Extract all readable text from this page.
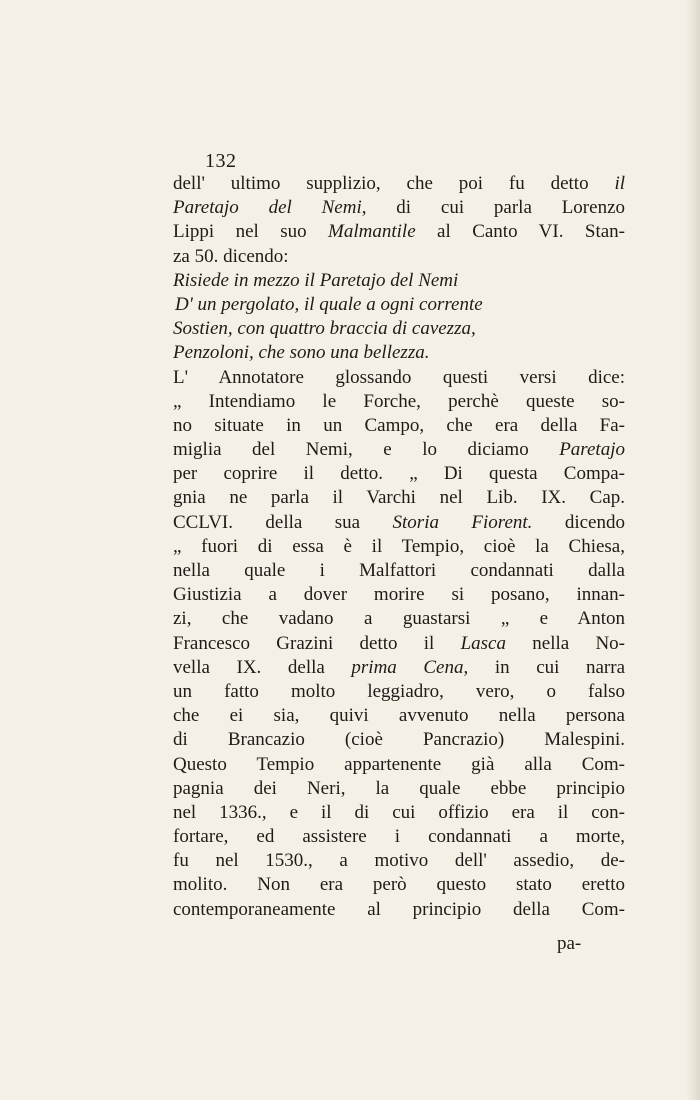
132
dell' ultimo supplizio, che poi fu detto il
Paretajo del Nemi, di cui parla Lorenzo
Lippi nel suo Malmantile al Canto VI. Stan-
za 50. dicendo:
Risiede in mezzo il Paretajo del Nemi
D' un pergolato, il quale a ogni corrente
Sostien, con quattro braccia di cavezza,
Penzoloni, che sono una bellezza.
L' Annotatore glossando questi versi dice:
„ Intendiamo le Forche, perchè queste so-
no situate in un Campo, che era della Fa-
miglia del Nemi, e lo diciamo Paretajo
per coprire il detto. „ Di questa Compa-
gnia ne parla il Varchi nel Lib. IX. Cap.
CCLVI. della sua Storia Fiorent. dicendo
„ fuori di essa è il Tempio, cioè la Chiesa,
nella quale i Malfattori condannati dalla
Giustizia a dover morire si posano, innan-
zi, che vadano a guastarsi „ e Anton
Francesco Grazini detto il Lasca nella No-
vella IX. della prima Cena, in cui narra
un fatto molto leggiadro, vero, o falso
che ei sia, quivi avvenuto nella persona
di Brancazio (cioè Pancrazio) Malespini.
Questo Tempio appartenente già alla Com-
pagnia dei Neri, la quale ebbe principio
nel 1336., e il di cui offizio era il con-
fortare, ed assistere i condannati a morte,
fu nel 1530., a motivo dell' assedio, de-
molito. Non era però questo stato eretto
contemporaneamente al principio della Com-
pa-
